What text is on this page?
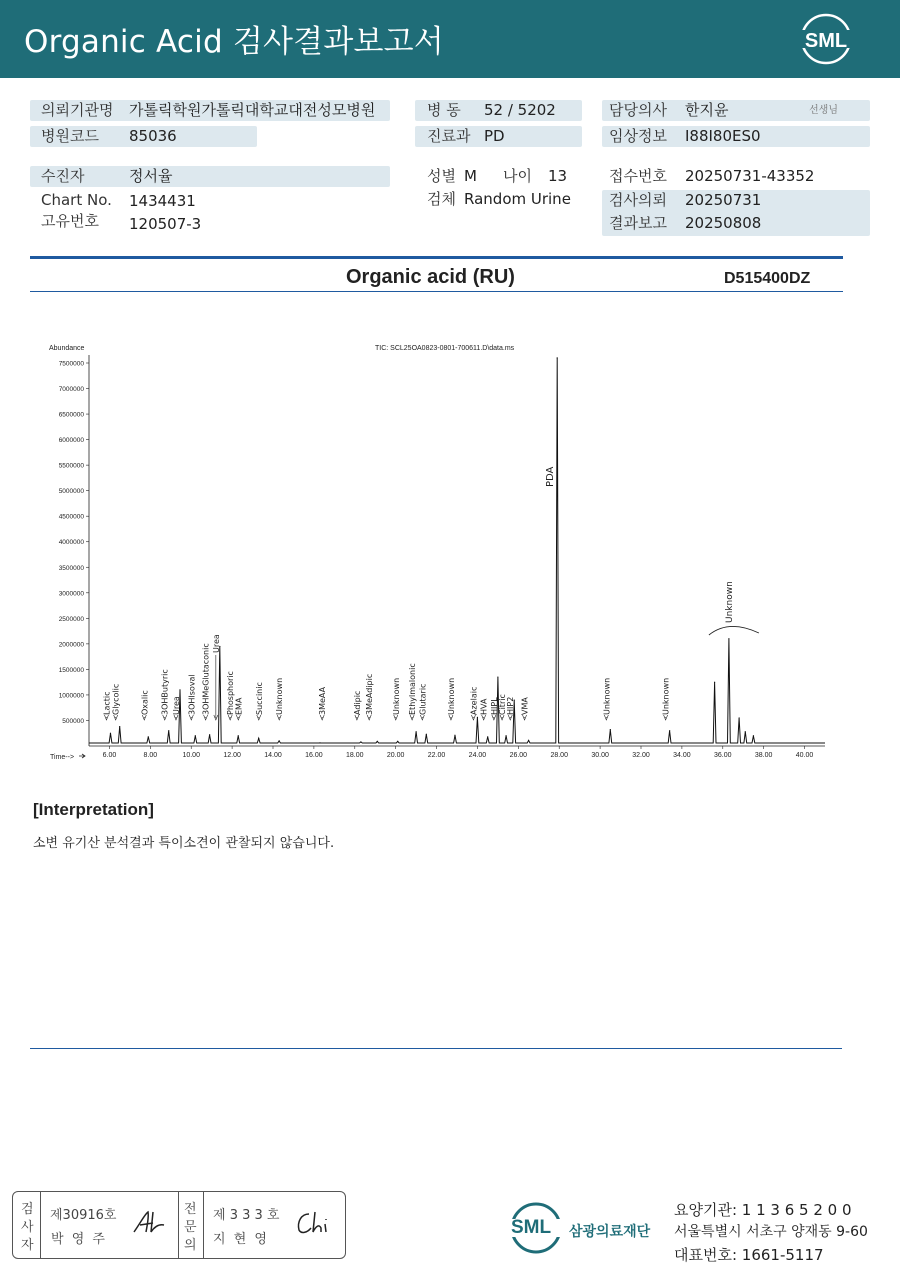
Organic Acid 검사결과보고서	SML
의뢰기관명 가톨릭학원가톨릭대학교대전성모병원
병원코드 85036
병 동 52 / 5202
진료과 PD
담당의사 한지윤	선생님
임상정보 I88I80ES0
수진자	정서율
Chart No. 1434431
고유번호 120507-3
성별 M 나이 13
검체 Random Urine
접수번호 20250731-43352
검사의뢰 20250731
결과보고 20250808
Organic acid (RU)	D515400DZ
TIC: SCL25OA0823-0801-700611.D\data.ms
Abundance
Time-->	6.00	8.00	10.00	12.00	14.00	16.00	18.00	20.00	22.00	24.00	26.00	28.00	30.00	32.00	34.00	36.00	38.00	40.00
500000
1000000
1500000
2000000
2500000
3000000
3500000
4000000
4500000
5000000
5500000
6000000
6500000
7000000
7500000
Lactic Glycolic Oxalic 3OHButyric Urea 3OHIsoval 3OHMeGlutaconic Urea
Phosphoric EMA Succinic Unknown	3MeAA	Adipic 3MeAdipic Unknown Ethylmalonic Glutaric Unknown Azelaic HVA HIPL Citric HIP2 VMA
PDA
Unknown	Unknown
Unknown
[Interpretation]
소변 유기산 분석결과 특이소견이 관찰되지 않습니다.
검
사
자
제30916호
박 영 주
전
문
의
제 3 3 3 호
지 현 영
SML 삼광의료재단
요양기관: 1 1 3 6 5 2 0 0
서울특별시 서초구 양재동 9-60
대표번호: 1661-5117
